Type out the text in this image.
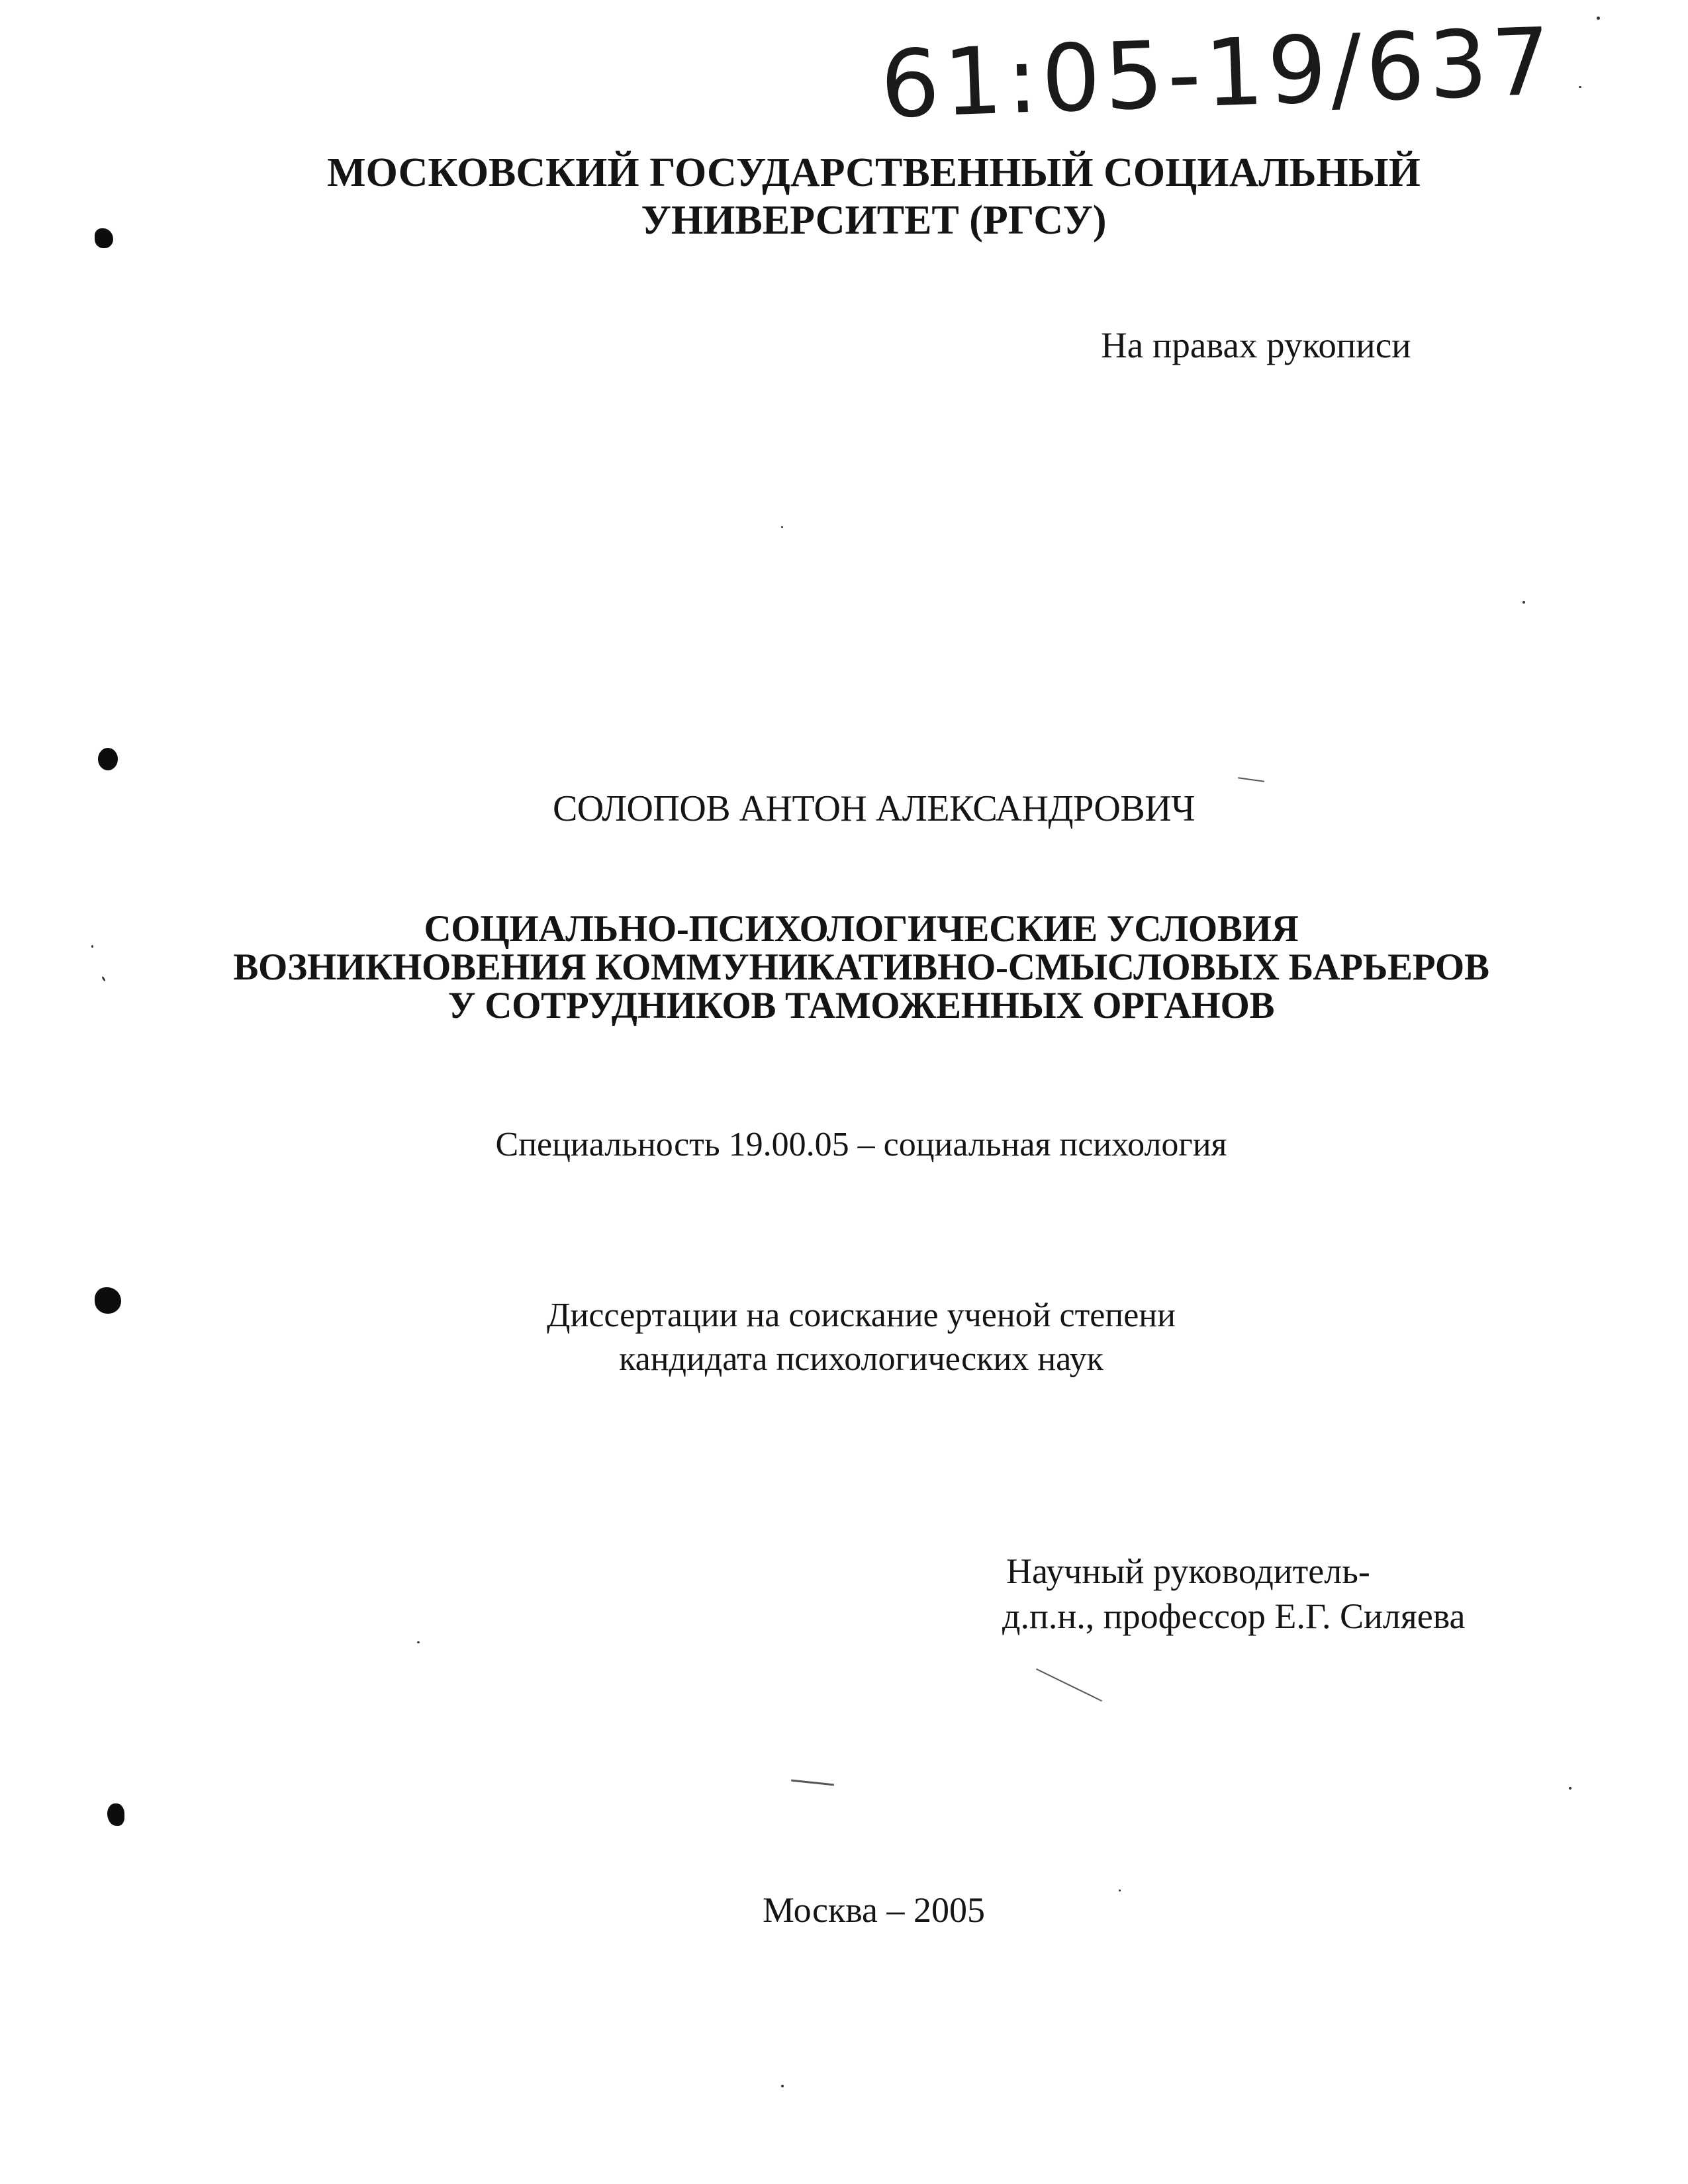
61:05-19/637
МОСКОВСКИЙ ГОСУДАРСТВЕННЫЙ СОЦИАЛЬНЫЙ
УНИВЕРСИТЕТ (РГСУ)
На правах рукописи
СОЛОПОВ АНТОН АЛЕКСАНДРОВИЧ
СОЦИАЛЬНО-ПСИХОЛОГИЧЕСКИЕ УСЛОВИЯ
ВОЗНИКНОВЕНИЯ КОММУНИКАТИВНО-СМЫСЛОВЫХ БАРЬЕРОВ
У СОТРУДНИКОВ ТАМОЖЕННЫХ ОРГАНОВ
Специальность 19.00.05 – социальная психология
Диссертации на соискание ученой степени
кандидата психологических наук
Научный руководитель-
д.п.н., профессор Е.Г. Силяева
Москва – 2005
